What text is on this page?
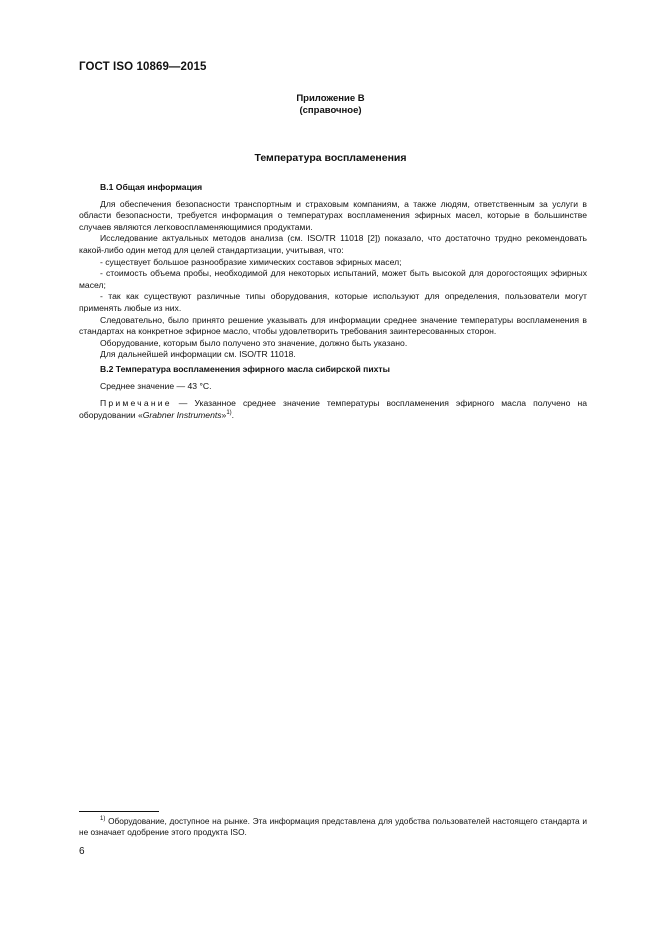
ГОСТ ISO 10869—2015
Приложение В
(справочное)
Температура воспламенения
В.1 Общая информация

Для обеспечения безопасности транспортным и страховым компаниям, а также людям, ответственным за услуги в области безопасности, требуется информация о температурах воспламенения эфирных масел, которые в большинстве случаев являются легковоспламеняющимися продуктами.

Исследование актуальных методов анализа (см. ISO/TR 11018 [2]) показало, что достаточно трудно рекомендовать какой-либо один метод для целей стандартизации, учитывая, что:

- существует большое разнообразие химических составов эфирных масел;

- стоимость объема пробы, необходимой для некоторых испытаний, может быть высокой для дорогостоящих эфирных масел;

- так как существуют различные типы оборудования, которые используют для определения, пользователи могут применять любые из них.

Следовательно, было принято решение указывать для информации среднее значение температуры воспламенения в стандартах на конкретное эфирное масло, чтобы удовлетворить требования заинтересованных сторон.

Оборудование, которым было получено это значение, должно быть указано.

Для дальнейшей информации см. ISO/TR 11018.

В.2 Температура воспламенения эфирного масла сибирской пихты

Среднее значение — 43 °C.

Примечание — Указанное среднее значение температуры воспламенения эфирного масла получено на оборудовании «Grabner Instruments»$^{1)}$.

$^{1)}$ Оборудование, доступное на рынке. Эта информация представлена для удобства пользователей настоящего стандарта и не означает одобрение этого продукта ISO.
6
